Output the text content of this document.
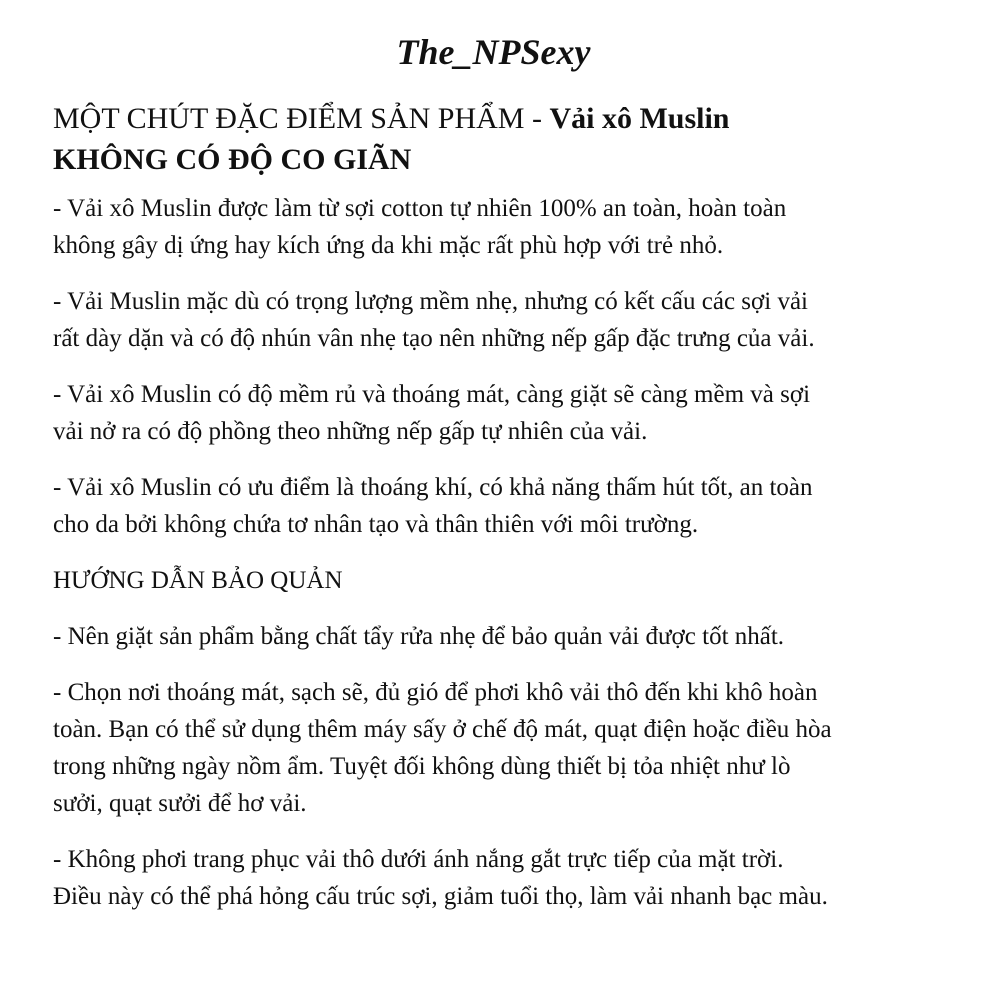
The_NPSexy
MỘT CHÚT ĐẶC ĐIỂM SẢN PHẨM - Vải xô Muslin
KHÔNG CÓ ĐỘ CO GIÃN
- Vải xô Muslin được làm từ sợi cotton tự nhiên 100% an toàn, hoàn toàn
không gây dị ứng hay kích ứng da khi mặc rất phù hợp với trẻ nhỏ.
- Vải Muslin mặc dù có trọng lượng mềm nhẹ, nhưng có kết cấu các sợi vải
rất dày dặn và có độ nhún vân nhẹ tạo nên những nếp gấp đặc trưng của vải.
- Vải xô Muslin có độ mềm rủ và thoáng mát, càng giặt sẽ càng mềm và sợi
vải nở ra có độ phồng theo những nếp gấp tự nhiên của vải.
- Vải xô Muslin có ưu điểm là thoáng khí, có khả năng thấm hút tốt, an toàn
cho da bởi không chứa tơ nhân tạo và thân thiên với môi trường.
HƯỚNG DẪN BẢO QUẢN
- Nên giặt sản phẩm bằng chất tẩy rửa nhẹ để bảo quản vải được tốt nhất.
- Chọn nơi thoáng mát, sạch sẽ, đủ gió để phơi khô vải thô đến khi khô hoàn
toàn. Bạn có thể sử dụng thêm máy sấy ở chế độ mát, quạt điện hoặc điều hòa
trong những ngày nồm ẩm. Tuyệt đối không dùng thiết bị tỏa nhiệt như lò
sưởi, quạt sưởi để hơ vải.
- Không phơi trang phục vải thô dưới ánh nắng gắt trực tiếp của mặt trời.
Điều này có thể phá hỏng cấu trúc sợi, giảm tuổi thọ, làm vải nhanh bạc màu.
